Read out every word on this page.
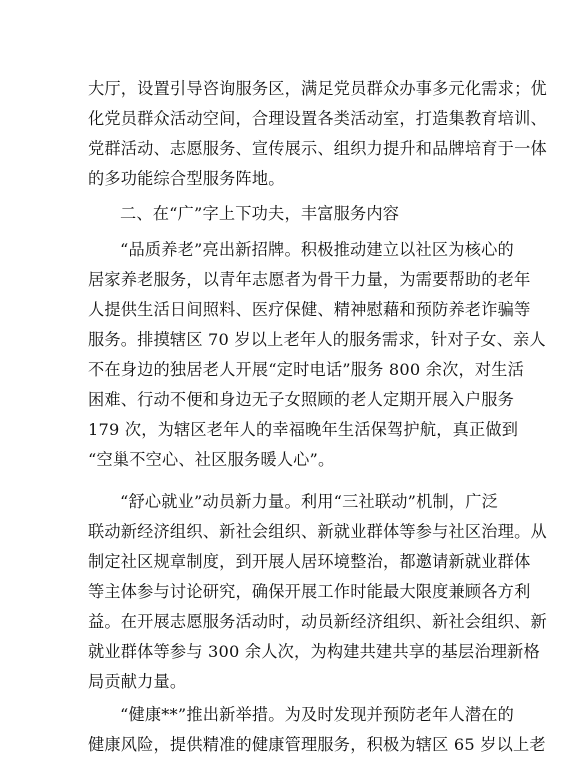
大厅，设置引导咨询服务区，满足党员群众办事多元化需求；优
化党员群众活动空间，合理设置各类活动室，打造集教育培训、
党群活动、志愿服务、宣传展示、组织力提升和品牌培育于一体
的多功能综合型服务阵地。
二、在“广”字上下功夫，丰富服务内容
“品质养老”亮出新招牌。积极推动建立以社区为核心的
居家养老服务，以青年志愿者为骨干力量，为需要帮助的老年
人提供生活日间照料、医疗保健、精神慰藉和预防养老诈骗等
服务。排摸辖区 70 岁以上老年人的服务需求，针对子女、亲人
不在身边的独居老人开展“定时电话”服务 800 余次，对生活
困难、行动不便和身边无子女照顾的老人定期开展入户服务
179 次，为辖区老年人的幸福晚年生活保驾护航，真正做到
“空巢不空心、社区服务暖人心”。
“舒心就业”动员新力量。利用“三社联动”机制，广泛
联动新经济组织、新社会组织、新就业群体等参与社区治理。从
制定社区规章制度，到开展人居环境整治，都邀请新就业群体
等主体参与讨论研究，确保开展工作时能最大限度兼顾各方利
益。在开展志愿服务活动时，动员新经济组织、新社会组织、新
就业群体等参与 300 余人次，为构建共建共享的基层治理新格
局贡献力量。
“健康**”推出新举措。为及时发现并预防老年人潜在的
健康风险，提供精准的健康管理服务，积极为辖区 65 岁以上老
